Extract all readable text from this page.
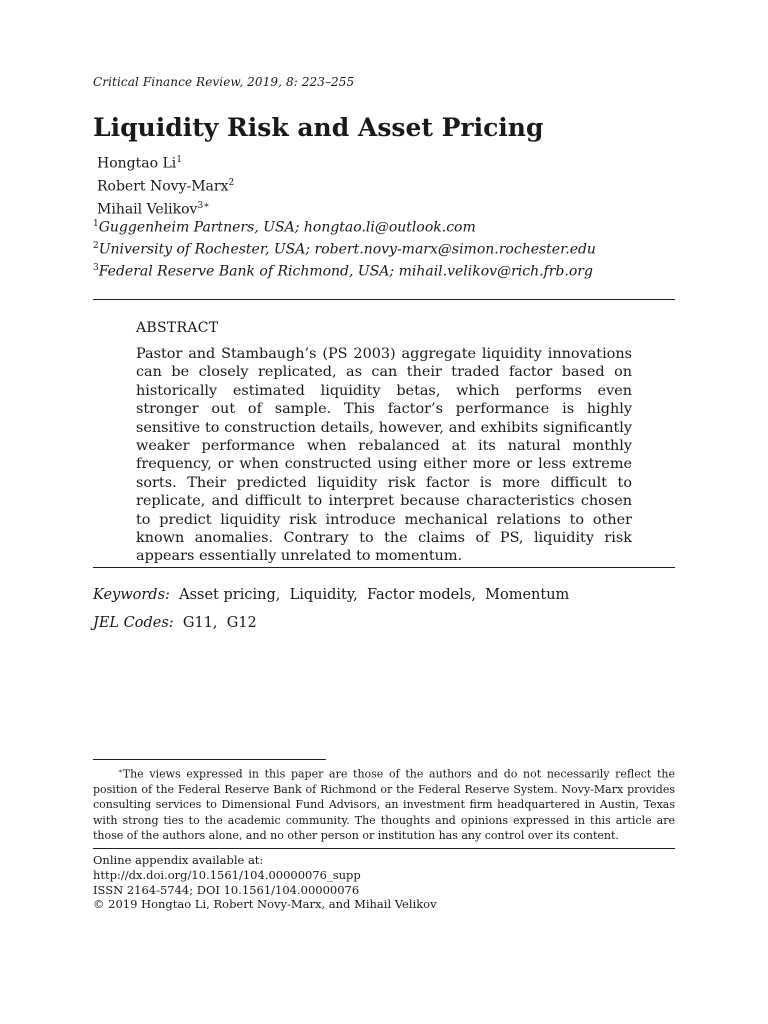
Critical Finance Review, 2019, 8: 223–255
Liquidity Risk and Asset Pricing
Hongtao Li$^1$
Robert Novy-Marx$^2$
Mihail Velikov$^{3∗}$
$^1$Guggenheim Partners, USA; hongtao.li@outlook.com
$^2$University of Rochester, USA; robert.novy-marx@simon.rochester.edu
$^3$Federal Reserve Bank of Richmond, USA; mihail.velikov@rich.frb.org
ABSTRACT
Pastor and Stambaugh’s (PS 2003) aggregate liquidity innovations can be closely replicated, as can their traded factor based on historically estimated liquidity betas, which performs even stronger out of sample. This factor’s performance is highly sensitive to construction details, however, and exhibits significantly weaker performance when rebalanced at its natural monthly frequency, or when constructed using either more or less extreme sorts. Their predicted liquidity risk factor is more difficult to replicate, and difficult to interpret because characteristics chosen to predict liquidity risk introduce mechanical relations to other known anomalies. Contrary to the claims of PS, liquidity risk appears essentially unrelated to momentum.
Keywords: Asset pricing ,  Liquidity ,  Factor models ,  Momentum
JEL Codes: G11 ,  G12
∗The views expressed in this paper are those of the authors and do not necessarily reflect the position of the Federal Reserve Bank of Richmond or the Federal Reserve System. Novy-Marx provides consulting services to Dimensional Fund Advisors, an investment firm headquartered in Austin, Texas with strong ties to the academic community. The thoughts and opinions expressed in this article are those of the authors alone, and no other person or institution has any control over its content.
Online appendix available at:
http://dx.doi.org/10.1561/104.00000076_supp
ISSN 2164-5744; DOI 10.1561/104.00000076
© 2019 Hongtao Li, Robert Novy-Marx, and Mihail Velikov
